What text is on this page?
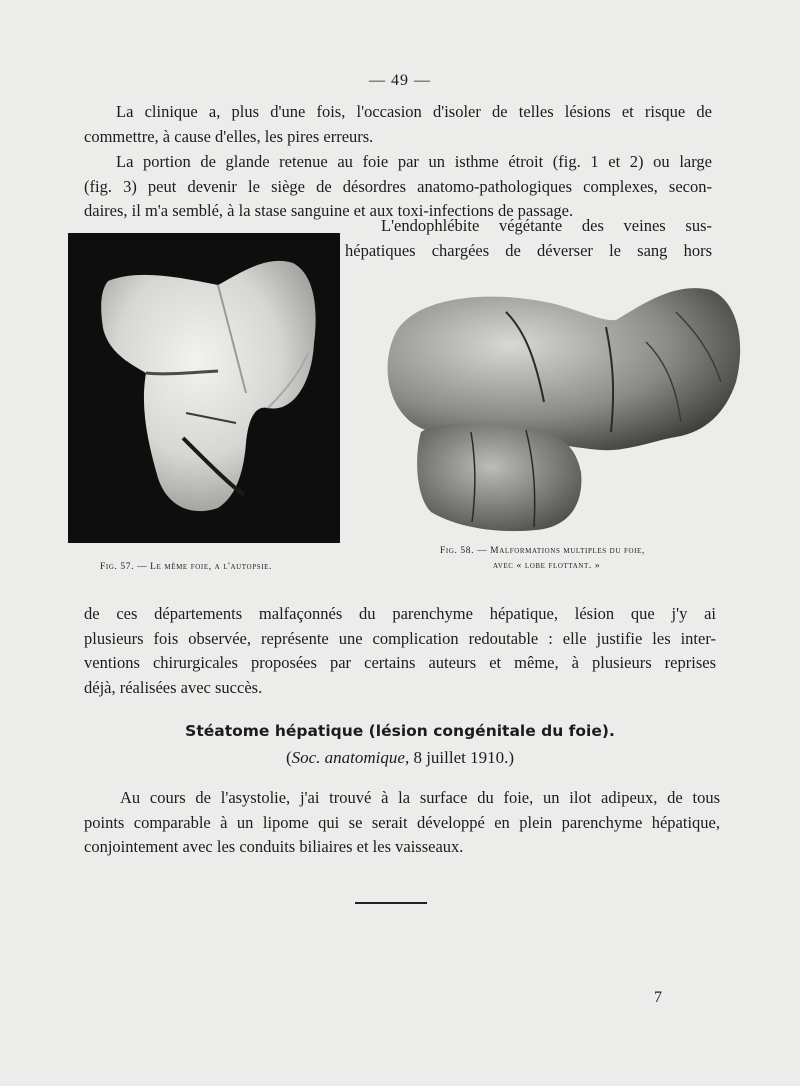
— 49 —
La clinique a, plus d'une fois, l'occasion d'isoler de telles lésions et risque de
commettre, à cause d'elles, les pires erreurs.
La portion de glande retenue au foie par un isthme étroit (fig. 1 et 2) ou large
(fig. 3) peut devenir le siège de désordres anatomo-pathologiques complexes, secon-
daires, il m'a semblé, à la stase sanguine et aux toxi-infections de passage.
L'endophlébite végétante des veines sus-
hépatiques chargées de déverser le sang hors
Fig. 57. — Le même foie, a l'autopsie.
Fig. 58. — Malformations multiples du foie,
avec « lobe flottant. »
de ces départements malfaçonnés du parenchyme hépatique, lésion que j'y ai
plusieurs fois observée, représente une complication redoutable : elle justifie les inter-
ventions chirurgicales proposées par certains auteurs et même, à plusieurs reprises
déjà, réalisées avec succès.
Stéatome hépatique (lésion congénitale du foie).
(Soc. anatomique, 8 juillet 1910.)
Au cours de l'asystolie, j'ai trouvé à la surface du foie, un ilot adipeux, de tous
points comparable à un lipome qui se serait développé en plein parenchyme hépatique,
conjointement avec les conduits biliaires et les vaisseaux.
7
